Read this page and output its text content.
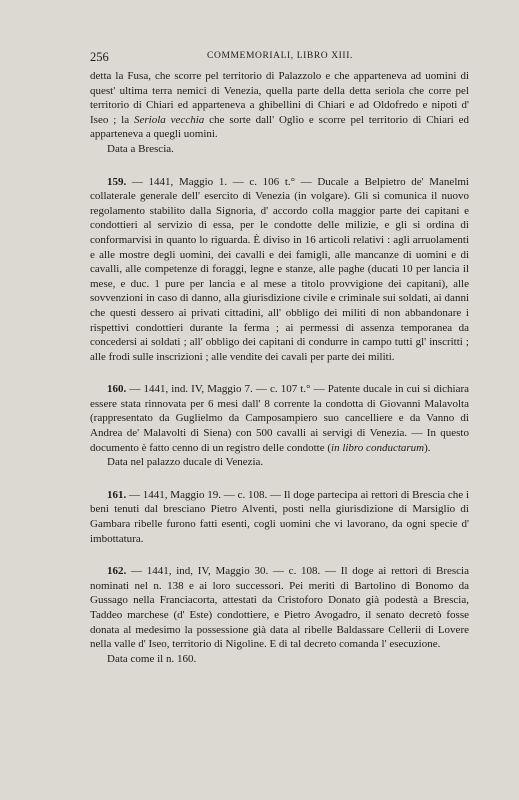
256	COMMEMORIALI, LIBRO XIII.

detta la Fusa, che scorre pel territorio di Palazzolo e che apparteneva ad uomini di quest' ultima terra nemici di Venezia, quella parte della detta seriola che corre pel territorio di Chiari ed apparteneva a ghibellini di Chiari e ad Oldofredo e nipoti d' Iseo ; la Seriola vecchia che sorte dall' Oglio e scorre pel territorio di Chiari ed apparteneva a quegli uomini.

Data a Brescia.

159. — 1441, Maggio 1. — c. 106 t.° — Ducale a Belpietro de' Manelmi collaterale generale dell' esercito di Venezia (in volgare). Gli si comunica il nuovo regolamento stabilito dalla Signoria, d' accordo colla maggior parte dei capitani e condottieri al servizio di essa, per le condotte delle milizie, e gli si ordina di conformarvisi in quanto lo riguarda. È diviso in 16 articoli relativi : agli arruolamenti e alle mostre degli uomini, dei cavalli e dei famigli, alle mancanze di uomini e di cavalli, alle competenze di foraggi, legne e stanze, alle paghe (ducati 10 per lancia il mese, e duc. 1 pure per lancia e al mese a titolo provvigione dei capitani), alle sovvenzioni in caso di danno, alla giurisdizione civile e criminale sui soldati, ai danni che questi dessero ai privati cittadini, all' obbligo dei militi di non abbandonare i rispettivi condottieri durante la ferma ; ai permessi di assenza temporanea da concedersi ai soldati ; all' obbligo dei capitani di condurre in campo tutti gl' inscritti ; alle frodi sulle inscrizioni ; alle vendite dei cavali per parte dei militi.

160. — 1441, ind. IV, Maggio 7. — c. 107 t.° — Patente ducale in cui si dichiara essere stata rinnovata per 6 mesi dall' 8 corrente la condotta di Giovanni Malavolta (rappresentato da Guglielmo da Camposampiero suo cancelliere e da Vanno di Andrea de' Malavolti di Siena) con 500 cavalli ai servigi di Venezia. — In questo documento è fatto cenno di un registro delle condotte (in libro conductarum).

Data nel palazzo ducale di Venezia.

161. — 1441, Maggio 19. — c. 108. — Il doge partecipa ai rettori di Brescia che i beni tenuti dal bresciano Pietro Alventi, posti nella giurisdizione di Marsiglio di Gambara ribelle furono fatti esenti, cogli uomini che vi lavorano, da ogni specie d' imbottatura.

162. — 1441, ind, IV, Maggio 30. — c. 108. — Il doge ai rettori di Brescia nominati nel n. 138 e ai loro successori. Pei meriti di Bartolino di Bonomo da Gussago nella Franciacorta, attestati da Cristoforo Donato già podestà a Brescia, Taddeo marchese (d' Este) condottiere, e Pietro Avogadro, il senato decretò fosse donata al medesimo la possessione già data al ribelle Baldassare Cellerii di Lovere nella valle d' Iseo, territorio di Nigoline. E di tal decreto comanda l' esecuzione.

Data come il n. 160.
